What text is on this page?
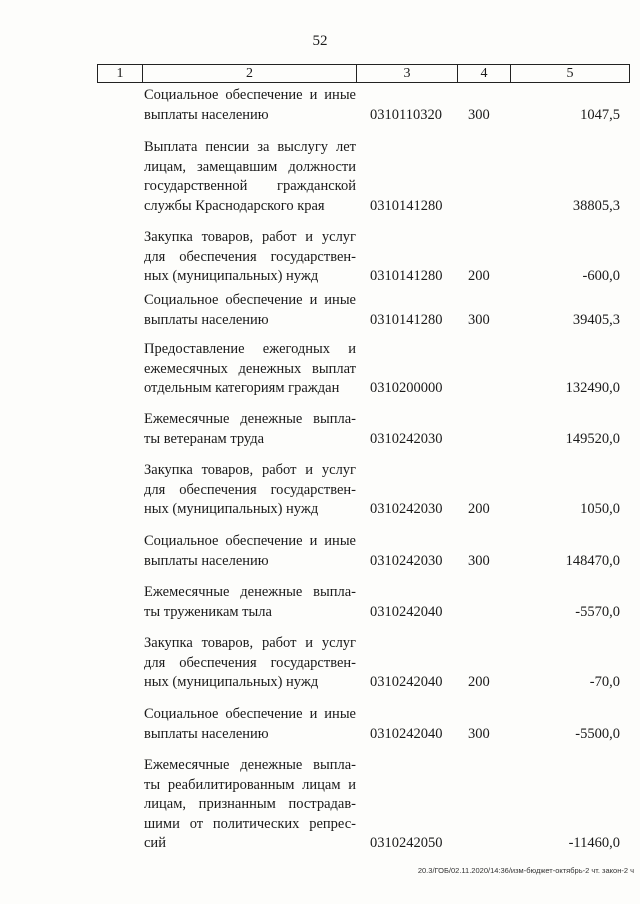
52
1	2	3	4	5
Социальное обеспечение и иные
выплаты населению	0310110320	300	1047,5
Выплата пенсии за выслугу лет
лицам, замещавшим должности
государственной гражданской
службы Краснодарского края	0310141280	38805,3
Закупка товаров, работ и услуг
для обеспечения государствен-
ных (муниципальных) нужд	0310141280	200	-600,0
Социальное обеспечение и иные
выплаты населению	0310141280	300	39405,3
Предоставление ежегодных и
ежемесячных денежных выплат
отдельным категориям граждан	0310200000	132490,0
Ежемесячные денежные выпла-
ты ветеранам труда	0310242030	149520,0
Закупка товаров, работ и услуг
для обеспечения государствен-
ных (муниципальных) нужд	0310242030	200	1050,0
Социальное обеспечение и иные
выплаты населению	0310242030	300	148470,0
Ежемесячные денежные выпла-
ты труженикам тыла	0310242040	-5570,0
Закупка товаров, работ и услуг
для обеспечения государствен-
ных (муниципальных) нужд	0310242040	200	-70,0
Социальное обеспечение и иные
выплаты населению	0310242040	300	-5500,0
Ежемесячные денежные выпла-
ты реабилитированным лицам и
лицам, признанным пострадав-
шими от политических репрес-
сий	0310242050	-11460,0
20.3/ГОБ/02.11.2020/14:36/изм-бюджет-октябрь-2 чт. закон-2 ч
